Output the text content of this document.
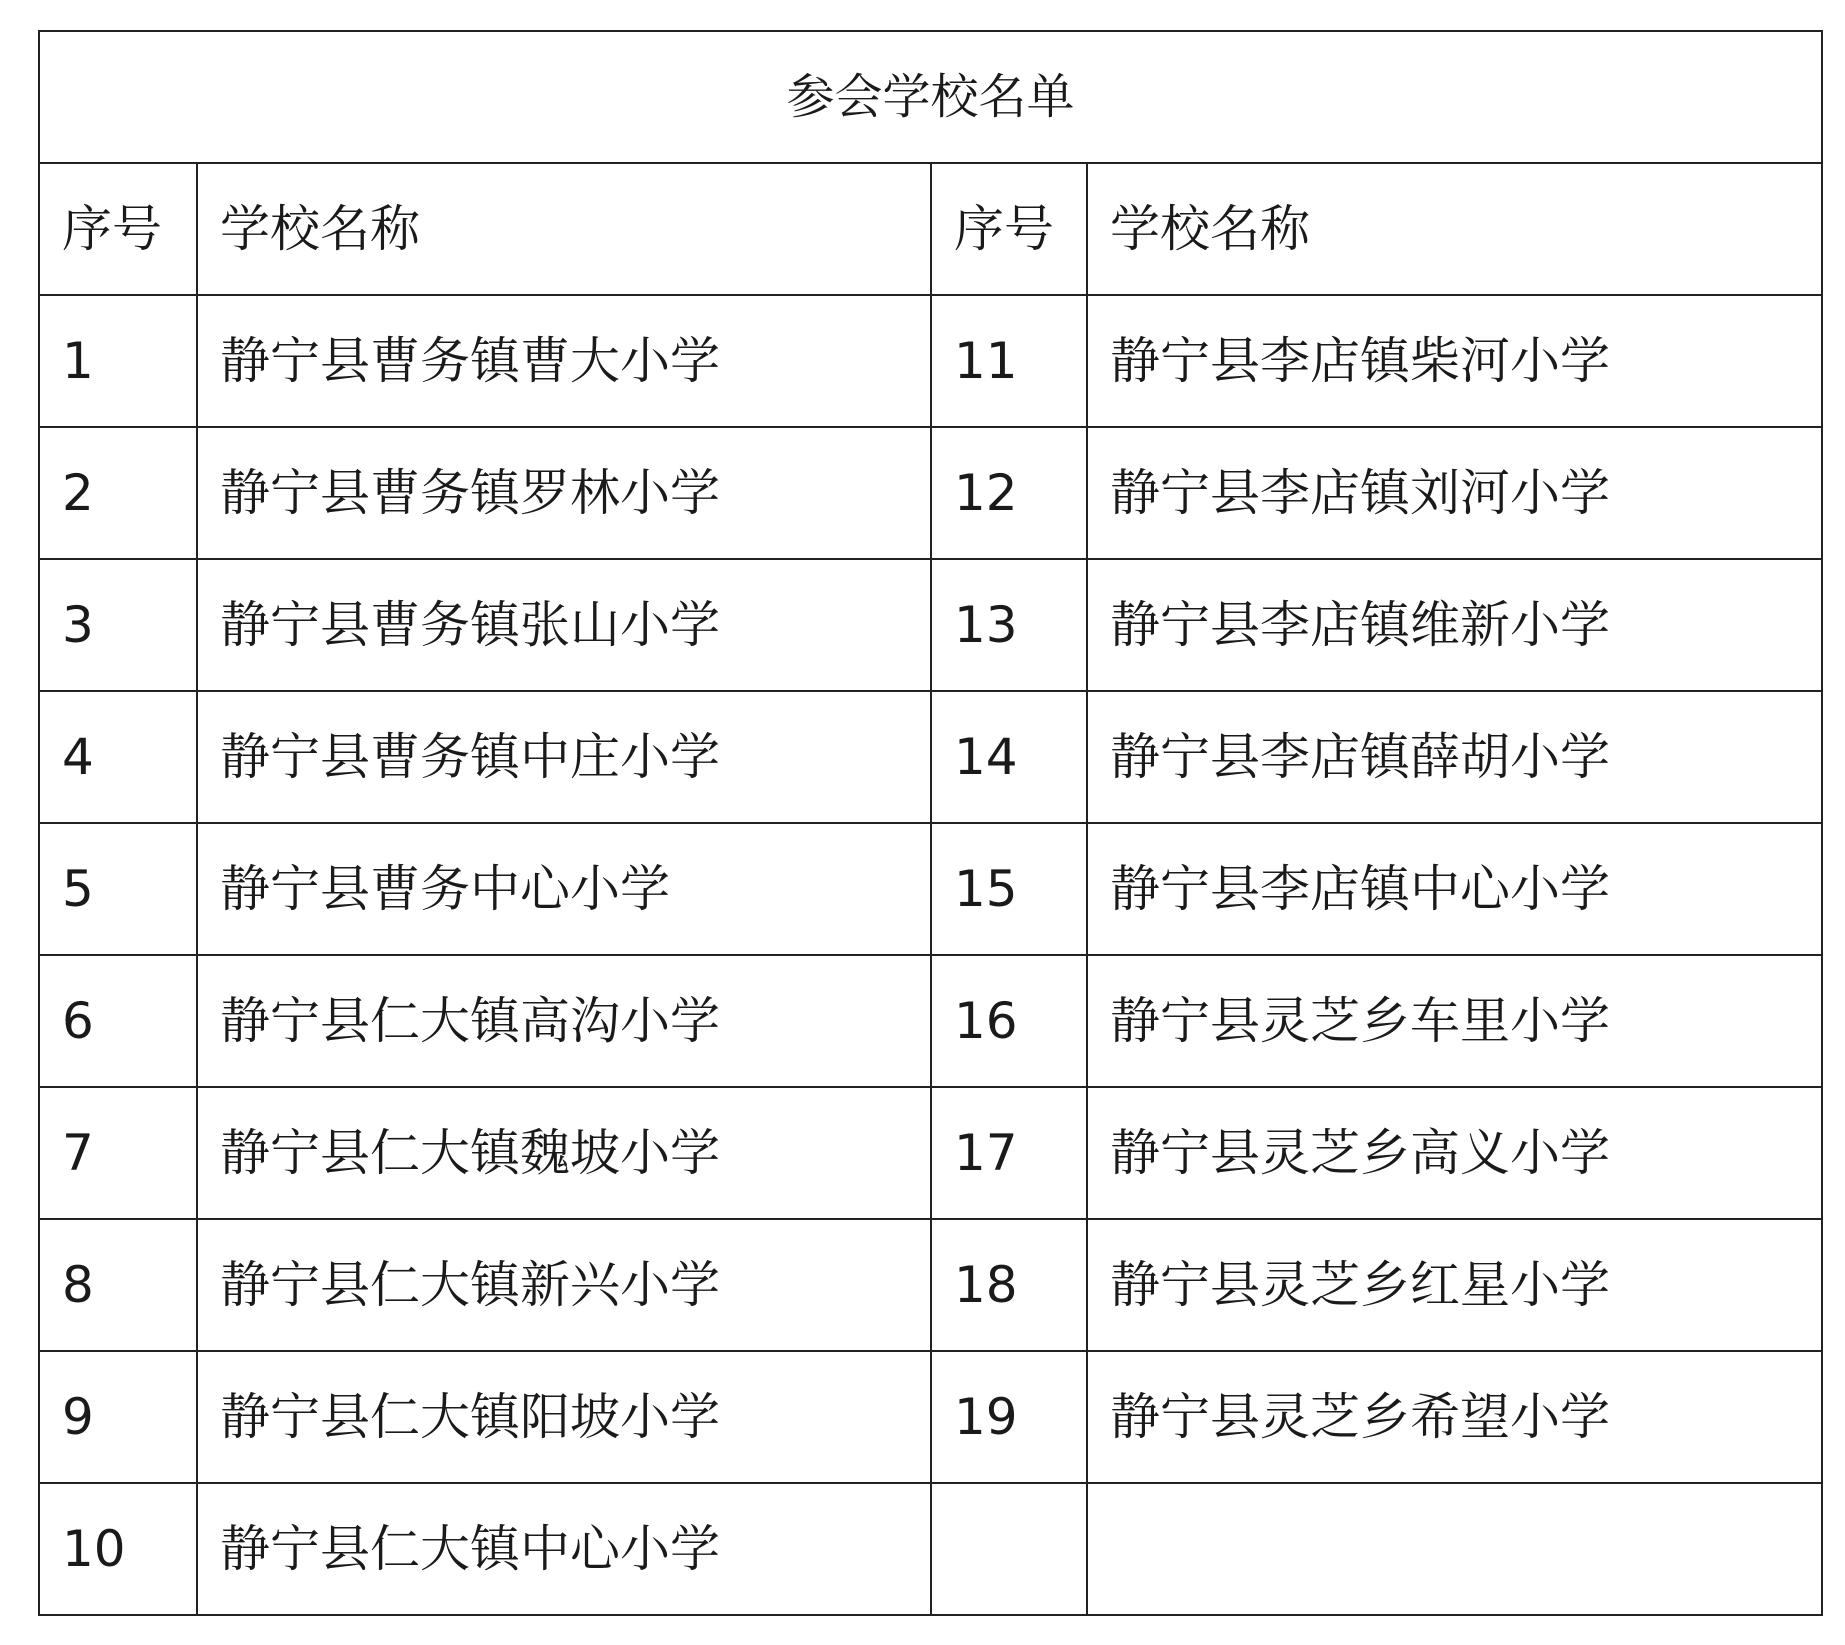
参会学校名单			
序号	学校名称	序号	学校名称
1	静宁县曹务镇曹大小学	11	静宁县李店镇柴河小学
2	静宁县曹务镇罗林小学	12	静宁县李店镇刘河小学
3	静宁县曹务镇张山小学	13	静宁县李店镇维新小学
4	静宁县曹务镇中庄小学	14	静宁县李店镇薛胡小学
5	静宁县曹务中心小学	15	静宁县李店镇中心小学
6	静宁县仁大镇高沟小学	16	静宁县灵芝乡车里小学
7	静宁县仁大镇魏坡小学	17	静宁县灵芝乡高义小学
8	静宁县仁大镇新兴小学	18	静宁县灵芝乡红星小学
9	静宁县仁大镇阳坡小学	19	静宁县灵芝乡希望小学
10	静宁县仁大镇中心小学		
